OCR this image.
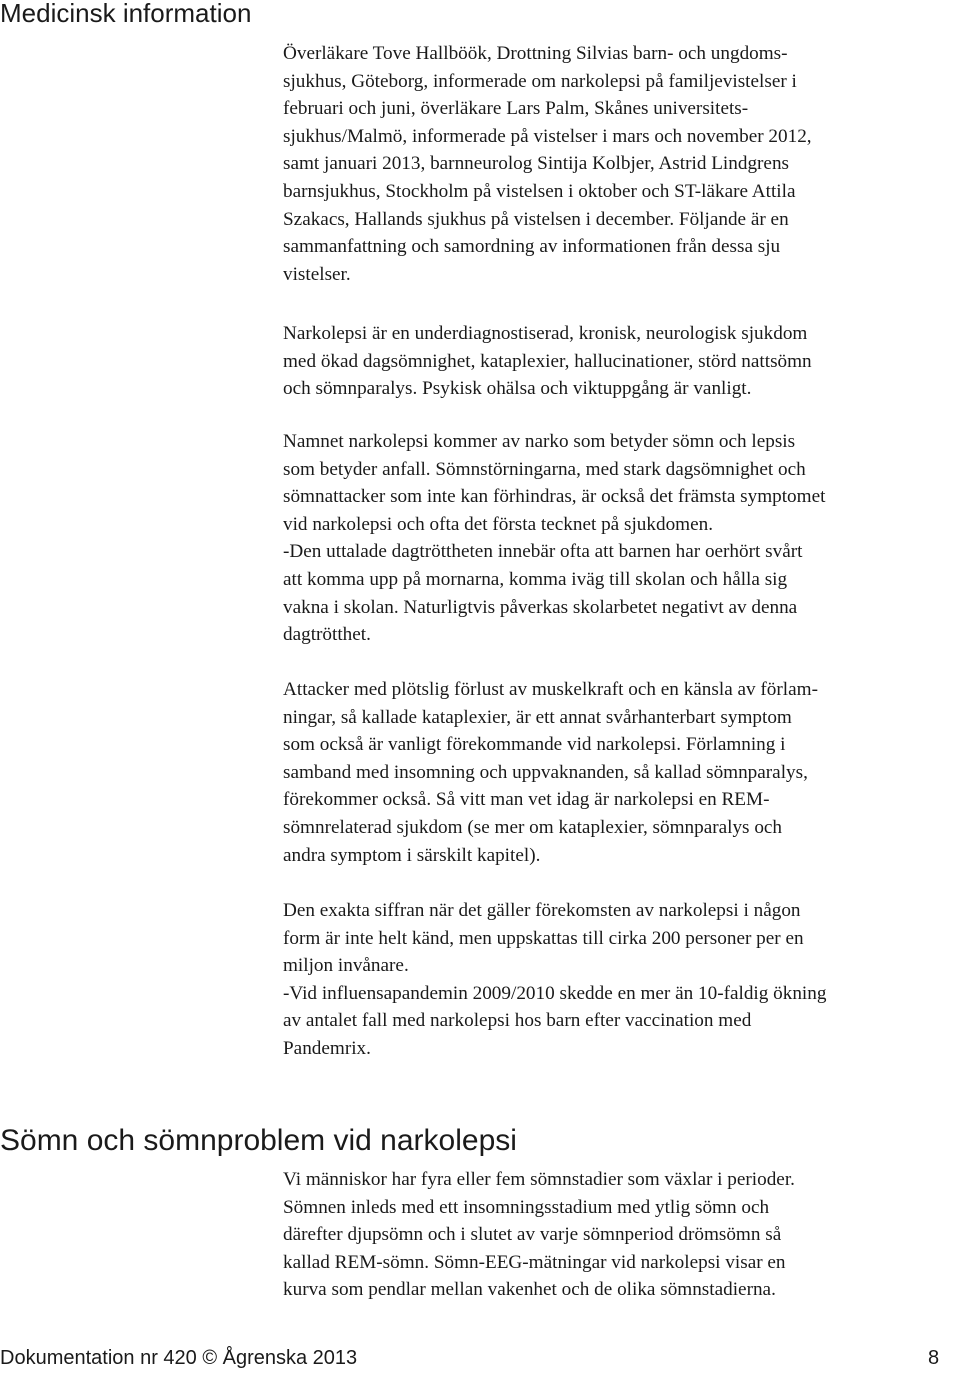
Medicinsk information

Överläkare Tove Hallböök, Drottning Silvias barn- och ungdoms-
sjukhus, Göteborg, informerade om narkolepsi på familjevistelser i
februari och juni, överläkare Lars Palm, Skånes universitets-
sjukhus/Malmö, informerade på vistelser i mars och november 2012,
samt januari 2013, barnneurolog Sintija Kolbjer, Astrid Lindgrens
barnsjukhus, Stockholm på vistelsen i oktober och ST-läkare Attila
Szakacs, Hallands sjukhus på vistelsen i december. Följande är en
sammanfattning och samordning av informationen från dessa sju
vistelser.

Narkolepsi är en underdiagnostiserad, kronisk, neurologisk sjukdom
med ökad dagsömnighet, kataplexier, hallucinationer, störd nattsömn
och sömnparalys. Psykisk ohälsa och viktuppgång är vanligt.

Namnet narkolepsi kommer av narko som betyder sömn och lepsis
som betyder anfall. Sömnstörningarna, med stark dagsömnighet och
sömnattacker som inte kan förhindras, är också det främsta symptomet
vid narkolepsi och ofta det första tecknet på sjukdomen.
-Den uttalade dagtröttheten innebär ofta att barnen har oerhört svårt
att komma upp på mornarna, komma iväg till skolan och hålla sig
vakna i skolan. Naturligtvis påverkas skolarbetet negativt av denna
dagtrötthet.

Attacker med plötslig förlust av muskelkraft och en känsla av förlam-
ningar, så kallade kataplexier, är ett annat svårhanterbart symptom
som också är vanligt förekommande vid narkolepsi. Förlamning i
samband med insomning och uppvaknanden, så kallad sömnparalys,
förekommer också. Så vitt man vet idag är narkolepsi en REM-
sömnrelaterad sjukdom (se mer om kataplexier, sömnparalys och
andra symptom i särskilt kapitel).

Den exakta siffran när det gäller förekomsten av narkolepsi i någon
form är inte helt känd, men uppskattas till cirka 200 personer per en
miljon invånare.
-Vid influensapandemin 2009/2010 skedde en mer än 10-faldig ökning
av antalet fall med narkolepsi hos barn efter vaccination med
Pandemrix.

Sömn och sömnproblem vid narkolepsi

Vi människor har fyra eller fem sömnstadier som växlar i perioder.
Sömnen inleds med ett insomningsstadium med ytlig sömn och
därefter djupsömn och i slutet av varje sömnperiod drömsömn så
kallad REM-sömn. Sömn-EEG-mätningar vid narkolepsi visar en
kurva som pendlar mellan vakenhet och de olika sömnstadierna.

Dokumentation nr 420 © Ågrenska 2013	8
